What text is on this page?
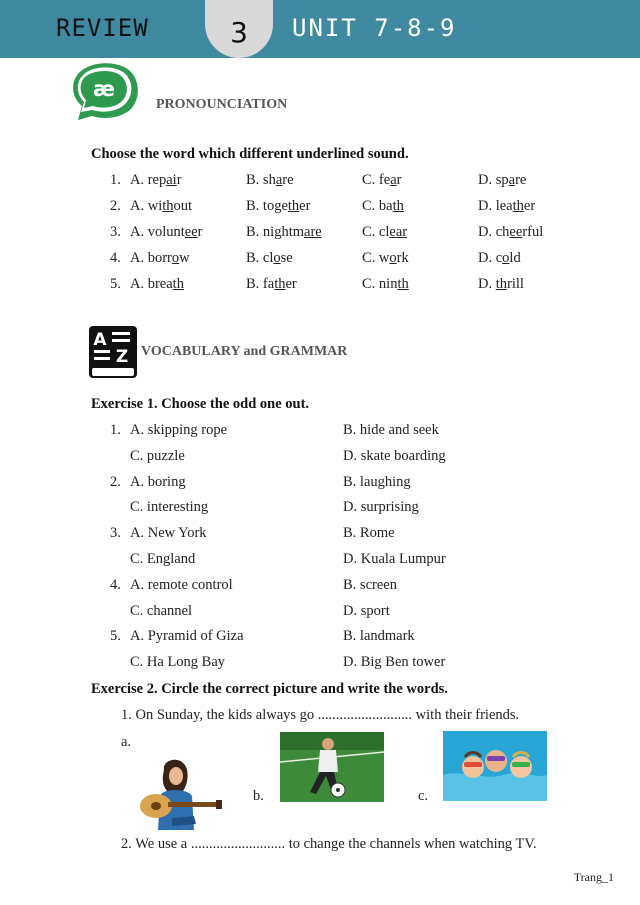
REVIEW	3	UNIT 7-8-9
æ
PRONOUNCIATION
Choose the word which different underlined sound.
1. A. repair	B. share	C. fear	D. spare
2. A. without	B. together	C. bath	D. leather
3. A. volunteer	B. nightmare	C. clear	D. cheerful
4. A. borrow	B. close	C. work	D. cold
5. A. breath	B. father	C. ninth	D. thrill
A
Z VOCABULARY and GRAMMAR
Exercise 1. Choose the odd one out.
1. A. skipping rope	B. hide and seek
C. puzzle	D. skate boarding
2. A. boring	B. laughing
C. interesting	D. surprising
3. A. New York	B. Rome
C. England	D. Kuala Lumpur
4. A. remote control	B. screen
C. channel	D. sport
5. A. Pyramid of Giza	B. landmark
C. Ha Long Bay	D. Big Ben tower
Exercise 2. Circle the correct picture and write the words.
1. On Sunday, the kids always go .......................... with their friends.
a.
b.	c.
2. We use a .......................... to change the channels when watching TV.
Trang_1
